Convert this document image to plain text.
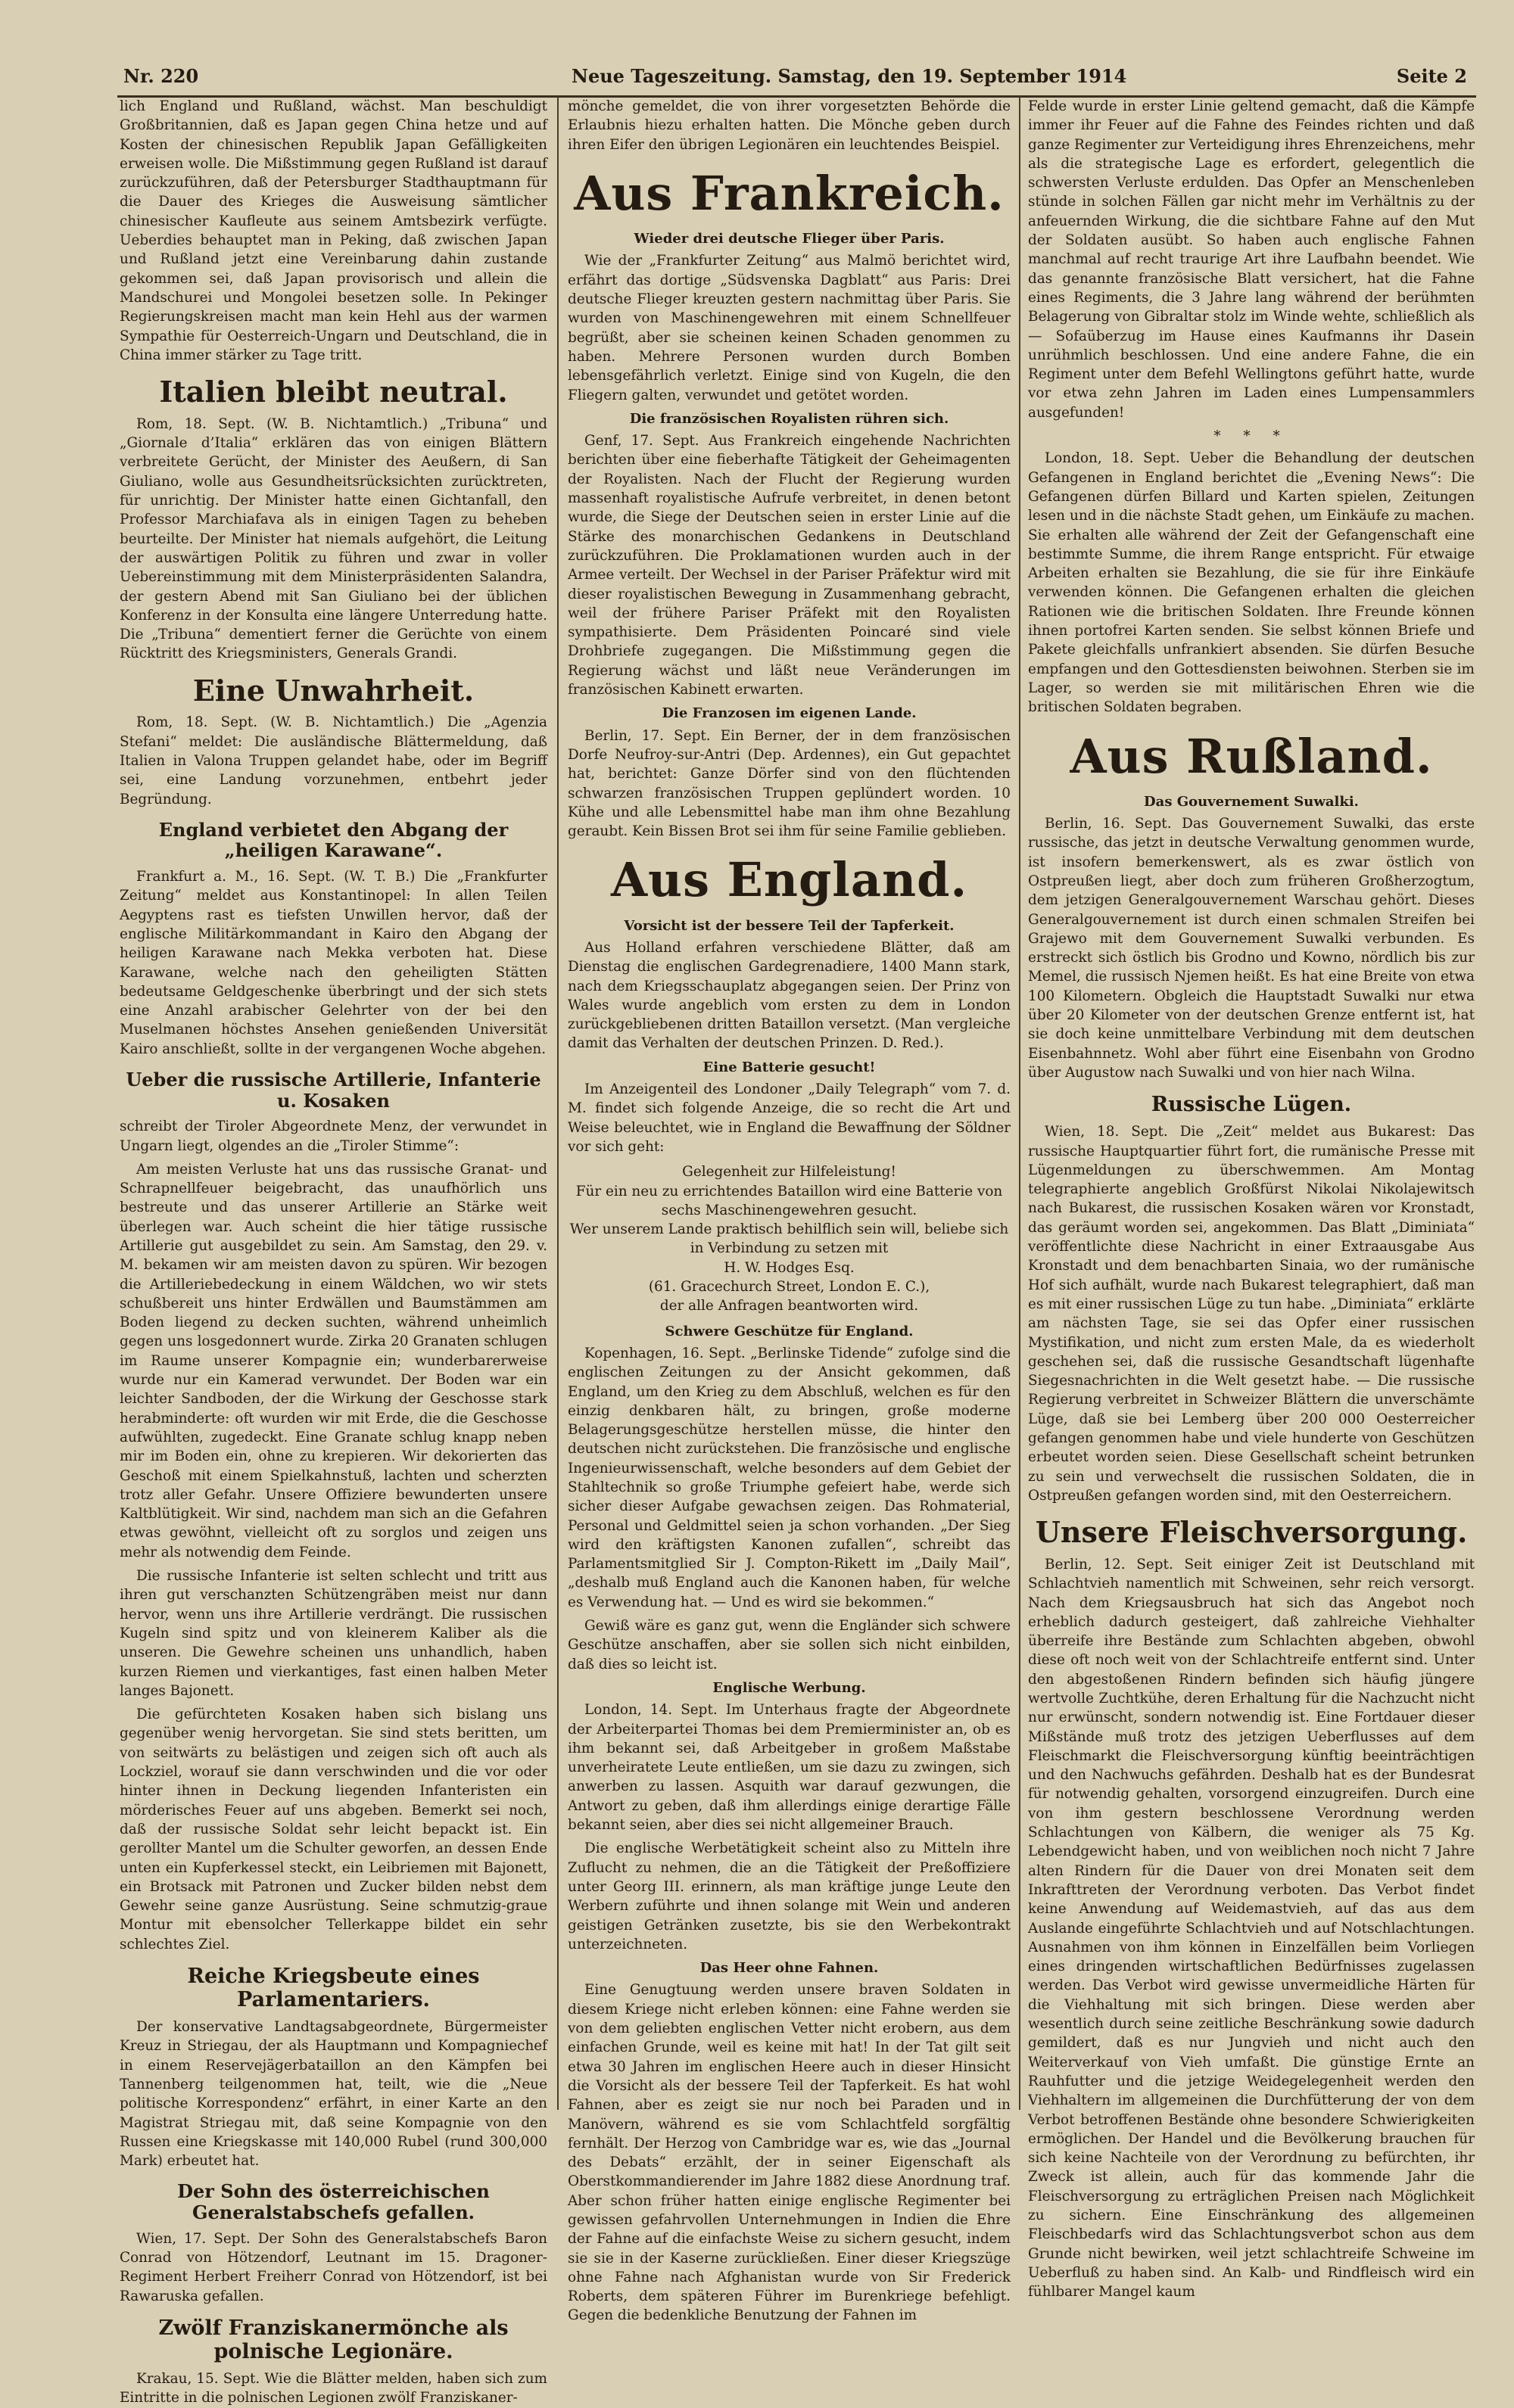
Nr. 220	Neue Tageszeitung. Samstag, den 19. September 1914	Seite 2

lich England und Rußland, wächst. Man beschuldigt Großbritannien, daß es Japan gegen China hetze und auf Kosten der chinesischen Republik Japan Gefälligkeiten erweisen wolle. Die Mißstimmung gegen Rußland ist darauf zurückzuführen, daß der Petersburger Stadthauptmann für die Dauer des Krieges die Ausweisung sämtlicher chinesischer Kaufleute aus seinem Amtsbezirk verfügte. Ueberdies behauptet man in Peking, daß zwischen Japan und Rußland jetzt eine Vereinbarung dahin zustande gekommen sei, daß Japan provisorisch und allein die Mandschurei und Mongolei besetzen solle. In Pekinger Regierungskreisen macht man kein Hehl aus der warmen Sympathie für Oesterreich-Ungarn und Deutschland, die in China immer stärker zu Tage tritt.

Italien bleibt neutral.

Rom, 18. Sept. (W. B. Nichtamtlich.) „Tribuna“ und „Giornale d’Italia“ erklären das von einigen Blättern verbreitete Gerücht, der Minister des Aeußern, di San Giuliano, wolle aus Gesundheitsrücksichten zurücktreten, für unrichtig. Der Minister hatte einen Gichtanfall, den Professor Marchiafava als in einigen Tagen zu beheben beurteilte. Der Minister hat niemals aufgehört, die Leitung der auswärtigen Politik zu führen und zwar in voller Uebereinstimmung mit dem Ministerpräsidenten Salandra, der gestern Abend mit San Giuliano bei der üblichen Konferenz in der Konsulta eine längere Unterredung hatte. Die „Tribuna“ dementiert ferner die Gerüchte von einem Rücktritt des Kriegsministers, Generals Grandi.

Eine Unwahrheit.

Rom, 18. Sept. (W. B. Nichtamtlich.) Die „Agenzia Stefani“ meldet: Die ausländische Blättermeldung, daß Italien in Valona Truppen gelandet habe, oder im Begriff sei, eine Landung vorzunehmen, entbehrt jeder Begründung.

England verbietet den Abgang der „heiligen Karawane“.

Frankfurt a. M., 16. Sept. (W. T. B.) Die „Frankfurter Zeitung“ meldet aus Konstantinopel: In allen Teilen Aegyptens rast es tiefsten Unwillen hervor, daß der englische Militärkommandant in Kairo den Abgang der heiligen Karawane nach Mekka verboten hat. Diese Karawane, welche nach den geheiligten Stätten bedeutsame Geldgeschenke überbringt und der sich stets eine Anzahl arabischer Gelehrter von der bei den Muselmanen höchstes Ansehen genießenden Universität Kairo anschließt, sollte in der vergangenen Woche abgehen.

Ueber die russische Artillerie, Infanterie u. Kosaken

schreibt der Tiroler Abgeordnete Menz, der verwundet in Ungarn liegt, olgendes an die „Tiroler Stimme“:

Am meisten Verluste hat uns das russische Granat- und Schrapnellfeuer beigebracht, das unaufhörlich uns bestreute und das unserer Artillerie an Stärke weit überlegen war. Auch scheint die hier tätige russische Artillerie gut ausgebildet zu sein. Am Samstag, den 29. v. M. bekamen wir am meisten davon zu spüren. Wir bezogen die Artilleriebedeckung in einem Wäldchen, wo wir stets schußbereit uns hinter Erdwällen und Baumstämmen am Boden liegend zu decken suchten, während unheimlich gegen uns losgedonnert wurde. Zirka 20 Granaten schlugen im Raume unserer Kompagnie ein; wunderbarerweise wurde nur ein Kamerad verwundet. Der Boden war ein leichter Sandboden, der die Wirkung der Geschosse stark herabminderte: oft wurden wir mit Erde, die die Geschosse aufwühlten, zugedeckt. Eine Granate schlug knapp neben mir im Boden ein, ohne zu krepieren. Wir dekorierten das Geschoß mit einem Spielkahnstuß, lachten und scherzten trotz aller Gefahr. Unsere Offiziere bewunderten unsere Kaltblütigkeit. Wir sind, nachdem man sich an die Gefahren etwas gewöhnt, vielleicht oft zu sorglos und zeigen uns mehr als notwendig dem Feinde.

Die russische Infanterie ist selten schlecht und tritt aus ihren gut verschanzten Schützengräben meist nur dann hervor, wenn uns ihre Artillerie verdrängt. Die russischen Kugeln sind spitz und von kleinerem Kaliber als die unseren. Die Gewehre scheinen uns unhandlich, haben kurzen Riemen und vierkantiges, fast einen halben Meter langes Bajonett.

Die gefürchteten Kosaken haben sich bislang uns gegenüber wenig hervorgetan. Sie sind stets beritten, um von seitwärts zu belästigen und zeigen sich oft auch als Lockziel, worauf sie dann verschwinden und die vor oder hinter ihnen in Deckung liegenden Infanteristen ein mörderisches Feuer auf uns abgeben. Bemerkt sei noch, daß der russische Soldat sehr leicht bepackt ist. Ein gerollter Mantel um die Schulter geworfen, an dessen Ende unten ein Kupferkessel steckt, ein Leibriemen mit Bajonett, ein Brotsack mit Patronen und Zucker bilden nebst dem Gewehr seine ganze Ausrüstung. Seine schmutzig-graue Montur mit ebensolcher Tellerkappe bildet ein sehr schlechtes Ziel.

Reiche Kriegsbeute eines Parlamentariers.

Der konservative Landtagsabgeordnete, Bürgermeister Kreuz in Striegau, der als Hauptmann und Kompagniechef in einem Reservejägerbataillon an den Kämpfen bei Tannenberg teilgenommen hat, teilt, wie die „Neue politische Korrespondenz“ erfährt, in einer Karte an den Magistrat Striegau mit, daß seine Kompagnie von den Russen eine Kriegskasse mit 140,000 Rubel (rund 300,000 Mark) erbeutet hat.

Der Sohn des österreichischen Generalstabschefs gefallen.

Wien, 17. Sept. Der Sohn des Generalstabschefs Baron Conrad von Hötzendorf, Leutnant im 15. Dragoner-Regiment Herbert Freiherr Conrad von Hötzendorf, ist bei Rawaruska gefallen.

Zwölf Franziskanermönche als polnische Legionäre.

Krakau, 15. Sept. Wie die Blätter melden, haben sich zum Eintritte in die polnischen Legionen zwölf Franziskaner-

mönche gemeldet, die von ihrer vorgesetzten Behörde die Erlaubnis hiezu erhalten hatten. Die Mönche geben durch ihren Eifer den übrigen Legionären ein leuchtendes Beispiel.

Aus Frankreich.
Wieder drei deutsche Flieger über Paris.

Wie der „Frankfurter Zeitung“ aus Malmö berichtet wird, erfährt das dortige „Südsvenska Dagblatt“ aus Paris: Drei deutsche Flieger kreuzten gestern nachmittag über Paris. Sie wurden von Maschinengewehren mit einem Schnellfeuer begrüßt, aber sie scheinen keinen Schaden genommen zu haben. Mehrere Personen wurden durch Bomben lebensgefährlich verletzt. Einige sind von Kugeln, die den Fliegern galten, verwundet und getötet worden.

Die französischen Royalisten rühren sich.

Genf, 17. Sept. Aus Frankreich eingehende Nachrichten berichten über eine fieberhafte Tätigkeit der Geheimagenten der Royalisten. Nach der Flucht der Regierung wurden massenhaft royalistische Aufrufe verbreitet, in denen betont wurde, die Siege der Deutschen seien in erster Linie auf die Stärke des monarchischen Gedankens in Deutschland zurückzuführen. Die Proklamationen wurden auch in der Armee verteilt. Der Wechsel in der Pariser Präfektur wird mit dieser royalistischen Bewegung in Zusammenhang gebracht, weil der frühere Pariser Präfekt mit den Royalisten sympathisierte. Dem Präsidenten Poincaré sind viele Drohbriefe zugegangen. Die Mißstimmung gegen die Regierung wächst und läßt neue Veränderungen im französischen Kabinett erwarten.

Die Franzosen im eigenen Lande.

Berlin, 17. Sept. Ein Berner, der in dem französischen Dorfe Neufroy-sur-Antri (Dep. Ardennes), ein Gut gepachtet hat, berichtet: Ganze Dörfer sind von den flüchtenden schwarzen französischen Truppen geplündert worden. 10 Kühe und alle Lebensmittel habe man ihm ohne Bezahlung geraubt. Kein Bissen Brot sei ihm für seine Familie geblieben.

Aus England.
Vorsicht ist der bessere Teil der Tapferkeit.

Aus Holland erfahren verschiedene Blätter, daß am Dienstag die englischen Gardegrenadiere, 1400 Mann stark, nach dem Kriegsschauplatz abgegangen seien. Der Prinz von Wales wurde angeblich vom ersten zu dem in London zurückgebliebenen dritten Bataillon versetzt. (Man vergleiche damit das Verhalten der deutschen Prinzen. D. Red.).

Eine Batterie gesucht!

Im Anzeigenteil des Londoner „Daily Telegraph“ vom 7. d. M. findet sich folgende Anzeige, die so recht die Art und Weise beleuchtet, wie in England die Bewaffnung der Söldner vor sich geht:

Gelegenheit zur Hilfeleistung!
Für ein neu zu errichtendes Bataillon wird eine Batterie von sechs Maschinengewehren gesucht.
Wer unserem Lande praktisch behilflich sein will, beliebe sich in Verbindung zu setzen mit
H. W. Hodges Esq.
(61. Gracechurch Street, London E. C.),
der alle Anfragen beantworten wird.
Schwere Geschütze für England.

Kopenhagen, 16. Sept. „Berlinske Tidende“ zufolge sind die englischen Zeitungen zu der Ansicht gekommen, daß England, um den Krieg zu dem Abschluß, welchen es für den einzig denkbaren hält, zu bringen, große moderne Belagerungsgeschütze herstellen müsse, die hinter den deutschen nicht zurückstehen. Die französische und englische Ingenieurwissenschaft, welche besonders auf dem Gebiet der Stahltechnik so große Triumphe gefeiert habe, werde sich sicher dieser Aufgabe gewachsen zeigen. Das Rohmaterial, Personal und Geldmittel seien ja schon vorhanden. „Der Sieg wird den kräftigsten Kanonen zufallen“, schreibt das Parlamentsmitglied Sir J. Compton-Rikett im „Daily Mail“, „deshalb muß England auch die Kanonen haben, für welche es Verwendung hat. — Und es wird sie bekommen.“

Gewiß wäre es ganz gut, wenn die Engländer sich schwere Geschütze anschaffen, aber sie sollen sich nicht einbilden, daß dies so leicht ist.

Englische Werbung.

London, 14. Sept. Im Unterhaus fragte der Abgeordnete der Arbeiterpartei Thomas bei dem Premierminister an, ob es ihm bekannt sei, daß Arbeitgeber in großem Maßstabe unverheiratete Leute entließen, um sie dazu zu zwingen, sich anwerben zu lassen. Asquith war darauf gezwungen, die Antwort zu geben, daß ihm allerdings einige derartige Fälle bekannt seien, aber dies sei nicht allgemeiner Brauch.

Die englische Werbetätigkeit scheint also zu Mitteln ihre Zuflucht zu nehmen, die an die Tätigkeit der Preßoffiziere unter Georg III. erinnern, als man kräftige junge Leute den Werbern zuführte und ihnen solange mit Wein und anderen geistigen Getränken zusetzte, bis sie den Werbekontrakt unterzeichneten.

Das Heer ohne Fahnen.

Eine Genugtuung werden unsere braven Soldaten in diesem Kriege nicht erleben können: eine Fahne werden sie von dem geliebten englischen Vetter nicht erobern, aus dem einfachen Grunde, weil es keine mit hat! In der Tat gilt seit etwa 30 Jahren im englischen Heere auch in dieser Hinsicht die Vorsicht als der bessere Teil der Tapferkeit. Es hat wohl Fahnen, aber es zeigt sie nur noch bei Paraden und in Manövern, während es sie vom Schlachtfeld sorgfältig fernhält. Der Herzog von Cambridge war es, wie das „Journal des Debats“ erzählt, der in seiner Eigenschaft als Oberstkommandierender im Jahre 1882 diese Anordnung traf. Aber schon früher hatten einige englische Regimenter bei gewissen gefahrvollen Unternehmungen in Indien die Ehre der Fahne auf die einfachste Weise zu sichern gesucht, indem sie sie in der Kaserne zurückließen. Einer dieser Kriegszüge ohne Fahne nach Afghanistan wurde von Sir Frederick Roberts, dem späteren Führer im Burenkriege befehligt. Gegen die bedenkliche Benutzung der Fahnen im

Felde wurde in erster Linie geltend gemacht, daß die Kämpfe immer ihr Feuer auf die Fahne des Feindes richten und daß ganze Regimenter zur Verteidigung ihres Ehrenzeichens, mehr als die strategische Lage es erfordert, gelegentlich die schwersten Verluste erdulden. Das Opfer an Menschenleben stünde in solchen Fällen gar nicht mehr im Verhältnis zu der anfeuernden Wirkung, die die sichtbare Fahne auf den Mut der Soldaten ausübt. So haben auch englische Fahnen manchmal auf recht traurige Art ihre Laufbahn beendet. Wie das genannte französische Blatt versichert, hat die Fahne eines Regiments, die 3 Jahre lang während der berühmten Belagerung von Gibraltar stolz im Winde wehte, schließlich als — Sofaüberzug im Hause eines Kaufmanns ihr Dasein unrühmlich beschlossen. Und eine andere Fahne, die ein Regiment unter dem Befehl Wellingtons geführt hatte, wurde vor etwa zehn Jahren im Laden eines Lumpensammlers ausgefunden!

* * *

London, 18. Sept. Ueber die Behandlung der deutschen Gefangenen in England berichtet die „Evening News“: Die Gefangenen dürfen Billard und Karten spielen, Zeitungen lesen und in die nächste Stadt gehen, um Einkäufe zu machen. Sie erhalten alle während der Zeit der Gefangenschaft eine bestimmte Summe, die ihrem Range entspricht. Für etwaige Arbeiten erhalten sie Bezahlung, die sie für ihre Einkäufe verwenden können. Die Gefangenen erhalten die gleichen Rationen wie die britischen Soldaten. Ihre Freunde können ihnen portofrei Karten senden. Sie selbst können Briefe und Pakete gleichfalls unfrankiert absenden. Sie dürfen Besuche empfangen und den Gottesdiensten beiwohnen. Sterben sie im Lager, so werden sie mit militärischen Ehren wie die britischen Soldaten begraben.

Aus Rußland.
Das Gouvernement Suwalki.

Berlin, 16. Sept. Das Gouvernement Suwalki, das erste russische, das jetzt in deutsche Verwaltung genommen wurde, ist insofern bemerkenswert, als es zwar östlich von Ostpreußen liegt, aber doch zum früheren Großherzogtum, dem jetzigen Generalgouvernement Warschau gehört. Dieses Generalgouvernement ist durch einen schmalen Streifen bei Grajewo mit dem Gouvernement Suwalki verbunden. Es erstreckt sich östlich bis Grodno und Kowno, nördlich bis zur Memel, die russisch Njemen heißt. Es hat eine Breite von etwa 100 Kilometern. Obgleich die Hauptstadt Suwalki nur etwa über 20 Kilometer von der deutschen Grenze entfernt ist, hat sie doch keine unmittelbare Verbindung mit dem deutschen Eisenbahnnetz. Wohl aber führt eine Eisenbahn von Grodno über Augustow nach Suwalki und von hier nach Wilna.

Russische Lügen.

Wien, 18. Sept. Die „Zeit“ meldet aus Bukarest: Das russische Hauptquartier führt fort, die rumänische Presse mit Lügenmeldungen zu überschwemmen. Am Montag telegraphierte angeblich Großfürst Nikolai Nikolajewitsch nach Bukarest, die russischen Kosaken wären vor Kronstadt, das geräumt worden sei, angekommen. Das Blatt „Diminiata“ veröffentlichte diese Nachricht in einer Extraausgabe Aus Kronstadt und dem benachbarten Sinaia, wo der rumänische Hof sich aufhält, wurde nach Bukarest telegraphiert, daß man es mit einer russischen Lüge zu tun habe. „Diminiata“ erklärte am nächsten Tage, sie sei das Opfer einer russischen Mystifikation, und nicht zum ersten Male, da es wiederholt geschehen sei, daß die russische Gesandtschaft lügenhafte Siegesnachrichten in die Welt gesetzt habe. — Die russische Regierung verbreitet in Schweizer Blättern die unverschämte Lüge, daß sie bei Lemberg über 200 000 Oesterreicher gefangen genommen habe und viele hunderte von Geschützen erbeutet worden seien. Diese Gesellschaft scheint betrunken zu sein und verwechselt die russischen Soldaten, die in Ostpreußen gefangen worden sind, mit den Oesterreichern.

Unsere Fleischversorgung.

Berlin, 12. Sept. Seit einiger Zeit ist Deutschland mit Schlachtvieh namentlich mit Schweinen, sehr reich versorgt. Nach dem Kriegsausbruch hat sich das Angebot noch erheblich dadurch gesteigert, daß zahlreiche Viehhalter überreife ihre Bestände zum Schlachten abgeben, obwohl diese oft noch weit von der Schlachtreife entfernt sind. Unter den abgestoßenen Rindern befinden sich häufig jüngere wertvolle Zuchtkühe, deren Erhaltung für die Nachzucht nicht nur erwünscht, sondern notwendig ist. Eine Fortdauer dieser Mißstände muß trotz des jetzigen Ueberflusses auf dem Fleischmarkt die Fleischversorgung künftig beeinträchtigen und den Nachwuchs gefährden. Deshalb hat es der Bundesrat für notwendig gehalten, vorsorgend einzugreifen. Durch eine von ihm gestern beschlossene Verordnung werden Schlachtungen von Kälbern, die weniger als 75 Kg. Lebendgewicht haben, und von weiblichen noch nicht 7 Jahre alten Rindern für die Dauer von drei Monaten seit dem Inkrafttreten der Verordnung verboten. Das Verbot findet keine Anwendung auf Weidemastvieh, auf das aus dem Auslande eingeführte Schlachtvieh und auf Notschlachtungen. Ausnahmen von ihm können in Einzelfällen beim Vorliegen eines dringenden wirtschaftlichen Bedürfnisses zugelassen werden. Das Verbot wird gewisse unvermeidliche Härten für die Viehhaltung mit sich bringen. Diese werden aber wesentlich durch seine zeitliche Beschränkung sowie dadurch gemildert, daß es nur Jungvieh und nicht auch den Weiterverkauf von Vieh umfaßt. Die günstige Ernte an Rauhfutter und die jetzige Weidegelegenheit werden den Viehhaltern im allgemeinen die Durchfütterung der von dem Verbot betroffenen Bestände ohne besondere Schwierigkeiten ermöglichen. Der Handel und die Bevölkerung brauchen für sich keine Nachteile von der Verordnung zu befürchten, ihr Zweck ist allein, auch für das kommende Jahr die Fleischversorgung zu erträglichen Preisen nach Möglichkeit zu sichern. Eine Einschränkung des allgemeinen Fleischbedarfs wird das Schlachtungsverbot schon aus dem Grunde nicht bewirken, weil jetzt schlachtreife Schweine im Ueberfluß zu haben sind. An Kalb- und Rindfleisch wird ein fühlbarer Mangel kaum
